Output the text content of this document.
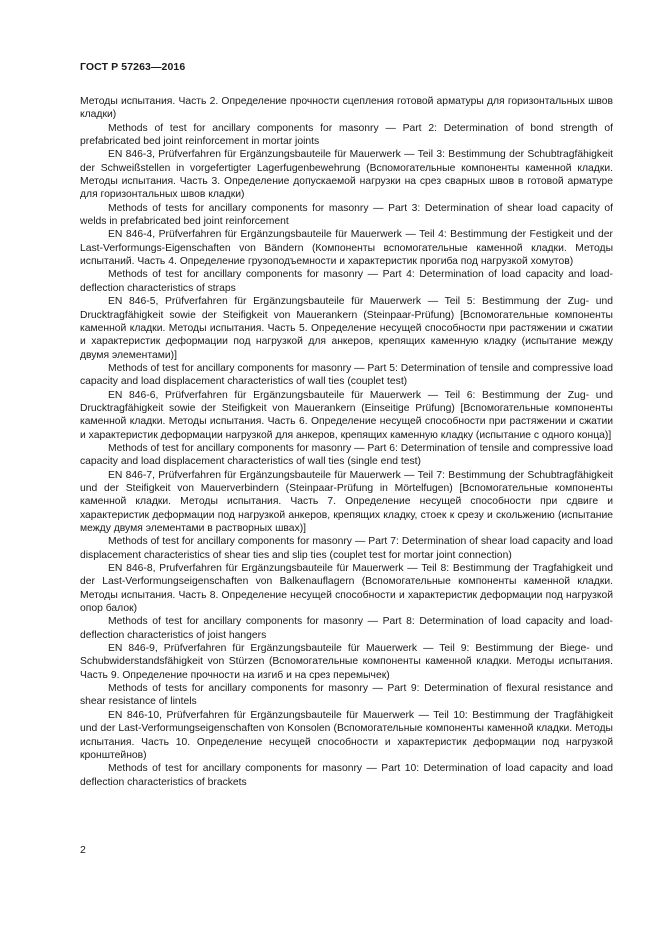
ГОСТ Р 57263—2016

Методы испытания. Часть 2. Определение прочности сцепления готовой арматуры для горизонтальных швов кладки)

Methods of test for ancillary components for masonry — Part 2: Determination of bond strength of prefabricated bed joint reinforcement in mortar joints

EN 846-3, Prüfverfahren für Ergänzungsbauteile für Mauerwerk — Teil 3: Bestimmung der Schubtragfähigkeit der Schweißstellen in vorgefertigter Lagerfugenbewehrung (Вспомогательные компоненты каменной кладки. Методы испытания. Часть 3. Определение допускаемой нагрузки на срез сварных швов в готовой арматуре для горизонтальных швов кладки)

Methods of tests for ancillary components for masonry — Part 3: Determination of shear load capacity of welds in prefabricated bed joint reinforcement

EN 846-4, Prüfverfahren für Ergänzungsbauteile für Mauerwerk — Teil 4: Bestimmung der Festigkeit und der Last-Verformungs-Eigenschaften von Bändern (Компоненты вспомогательные каменной кладки. Методы испытаний. Часть 4. Определение грузоподъемности и характеристик прогиба под нагрузкой хомутов)

Methods of test for ancillary components for masonry — Part 4: Determination of load capacity and load-deflection characteristics of straps

EN 846-5, Prüfverfahren für Ergänzungsbauteile für Mauerwerk — Teil 5: Bestimmung der Zug- und Drucktragfähigkeit sowie der Steifigkeit von Mauerankern (Steinpaar-Prüfung) [Вспомогательные компоненты каменной кладки. Методы испытания. Часть 5. Определение несущей способности при растяжении и сжатии и характеристик деформации под нагрузкой для анкеров, крепящих каменную кладку (испытание между двумя элементами)]

Methods of test for ancillary components for masonry — Part 5: Determination of tensile and compressive load capacity and load displacement characteristics of wall ties (couplet test)

EN 846-6, Prüfverfahren für Ergänzungsbauteile für Mauerwerk — Teil 6: Bestimmung der Zug- und Drucktragfähigkeit sowie der Steifigkeit von Mauerankern (Einseitige Prüfung) [Вспомогательные компоненты каменной кладки. Методы испытания. Часть 6. Определение несущей способности при растяжении и сжатии и характеристик деформации нагрузкой для анкеров, крепящих каменную кладку (испытание с одного конца)]

Methods of test for ancillary components for masonry — Part 6: Determination of tensile and compressive load capacity and load displacement characteristics of wall ties (single end test)

EN 846-7, Prüfverfahren für Ergänzungsbauteile für Mauerwerk — Teil 7: Bestimmung der Schubtragfähigkeit und der Steifigkeit von Mauerverbindern (Steinpaar-Prüfung in Mörtelfugen) [Вспомогательные компоненты каменной кладки. Методы испытания. Часть 7. Определение несущей способности при сдвиге и характеристик деформации под нагрузкой анкеров, крепящих кладку, стоек к срезу и скольжению (испытание между двумя элементами в растворных швах)]

Methods of test for ancillary components for masonry — Part 7: Determination of shear load capacity and load displacement characteristics of shear ties and slip ties (couplet test for mortar joint connection)

EN 846-8, Prufverfahren für Ergänzungsbauteile für Mauerwerk — Teil 8: Bestimmung der Tragfahigkeit und der Last-Verformungseigenschaften von Balkenauflagern (Вспомогательные компоненты каменной кладки. Методы испытания. Часть 8. Определение несущей способности и характеристик деформации под нагрузкой опор балок)

Methods of test for ancillary components for masonry — Part 8: Determination of load capacity and load-deflection characteristics of joist hangers

EN 846-9, Prüfverfahren für Ergänzungsbauteile für Mauerwerk — Teil 9: Bestimmung der Biege- und Schubwiderstandsfähigkeit von Stürzen (Вспомогательные компоненты каменной кладки. Методы испытания. Часть 9. Определение прочности на изгиб и на срез перемычек)

Methods of tests for ancillary components for masonry — Part 9: Determination of flexural resistance and shear resistance of lintels

EN 846-10, Prüfverfahren für Ergänzungsbauteile für Mauerwerk — Teil 10: Bestimmung der Tragfähigkeit und der Last-Verformungseigenschaften von Konsolen (Вспомогательные компоненты каменной кладки. Методы испытания. Часть 10. Определение несущей способности и характеристик деформации под нагрузкой кронштейнов)

Methods of test for ancillary components for masonry — Part 10: Determination of load capacity and load deflection characteristics of brackets

2
